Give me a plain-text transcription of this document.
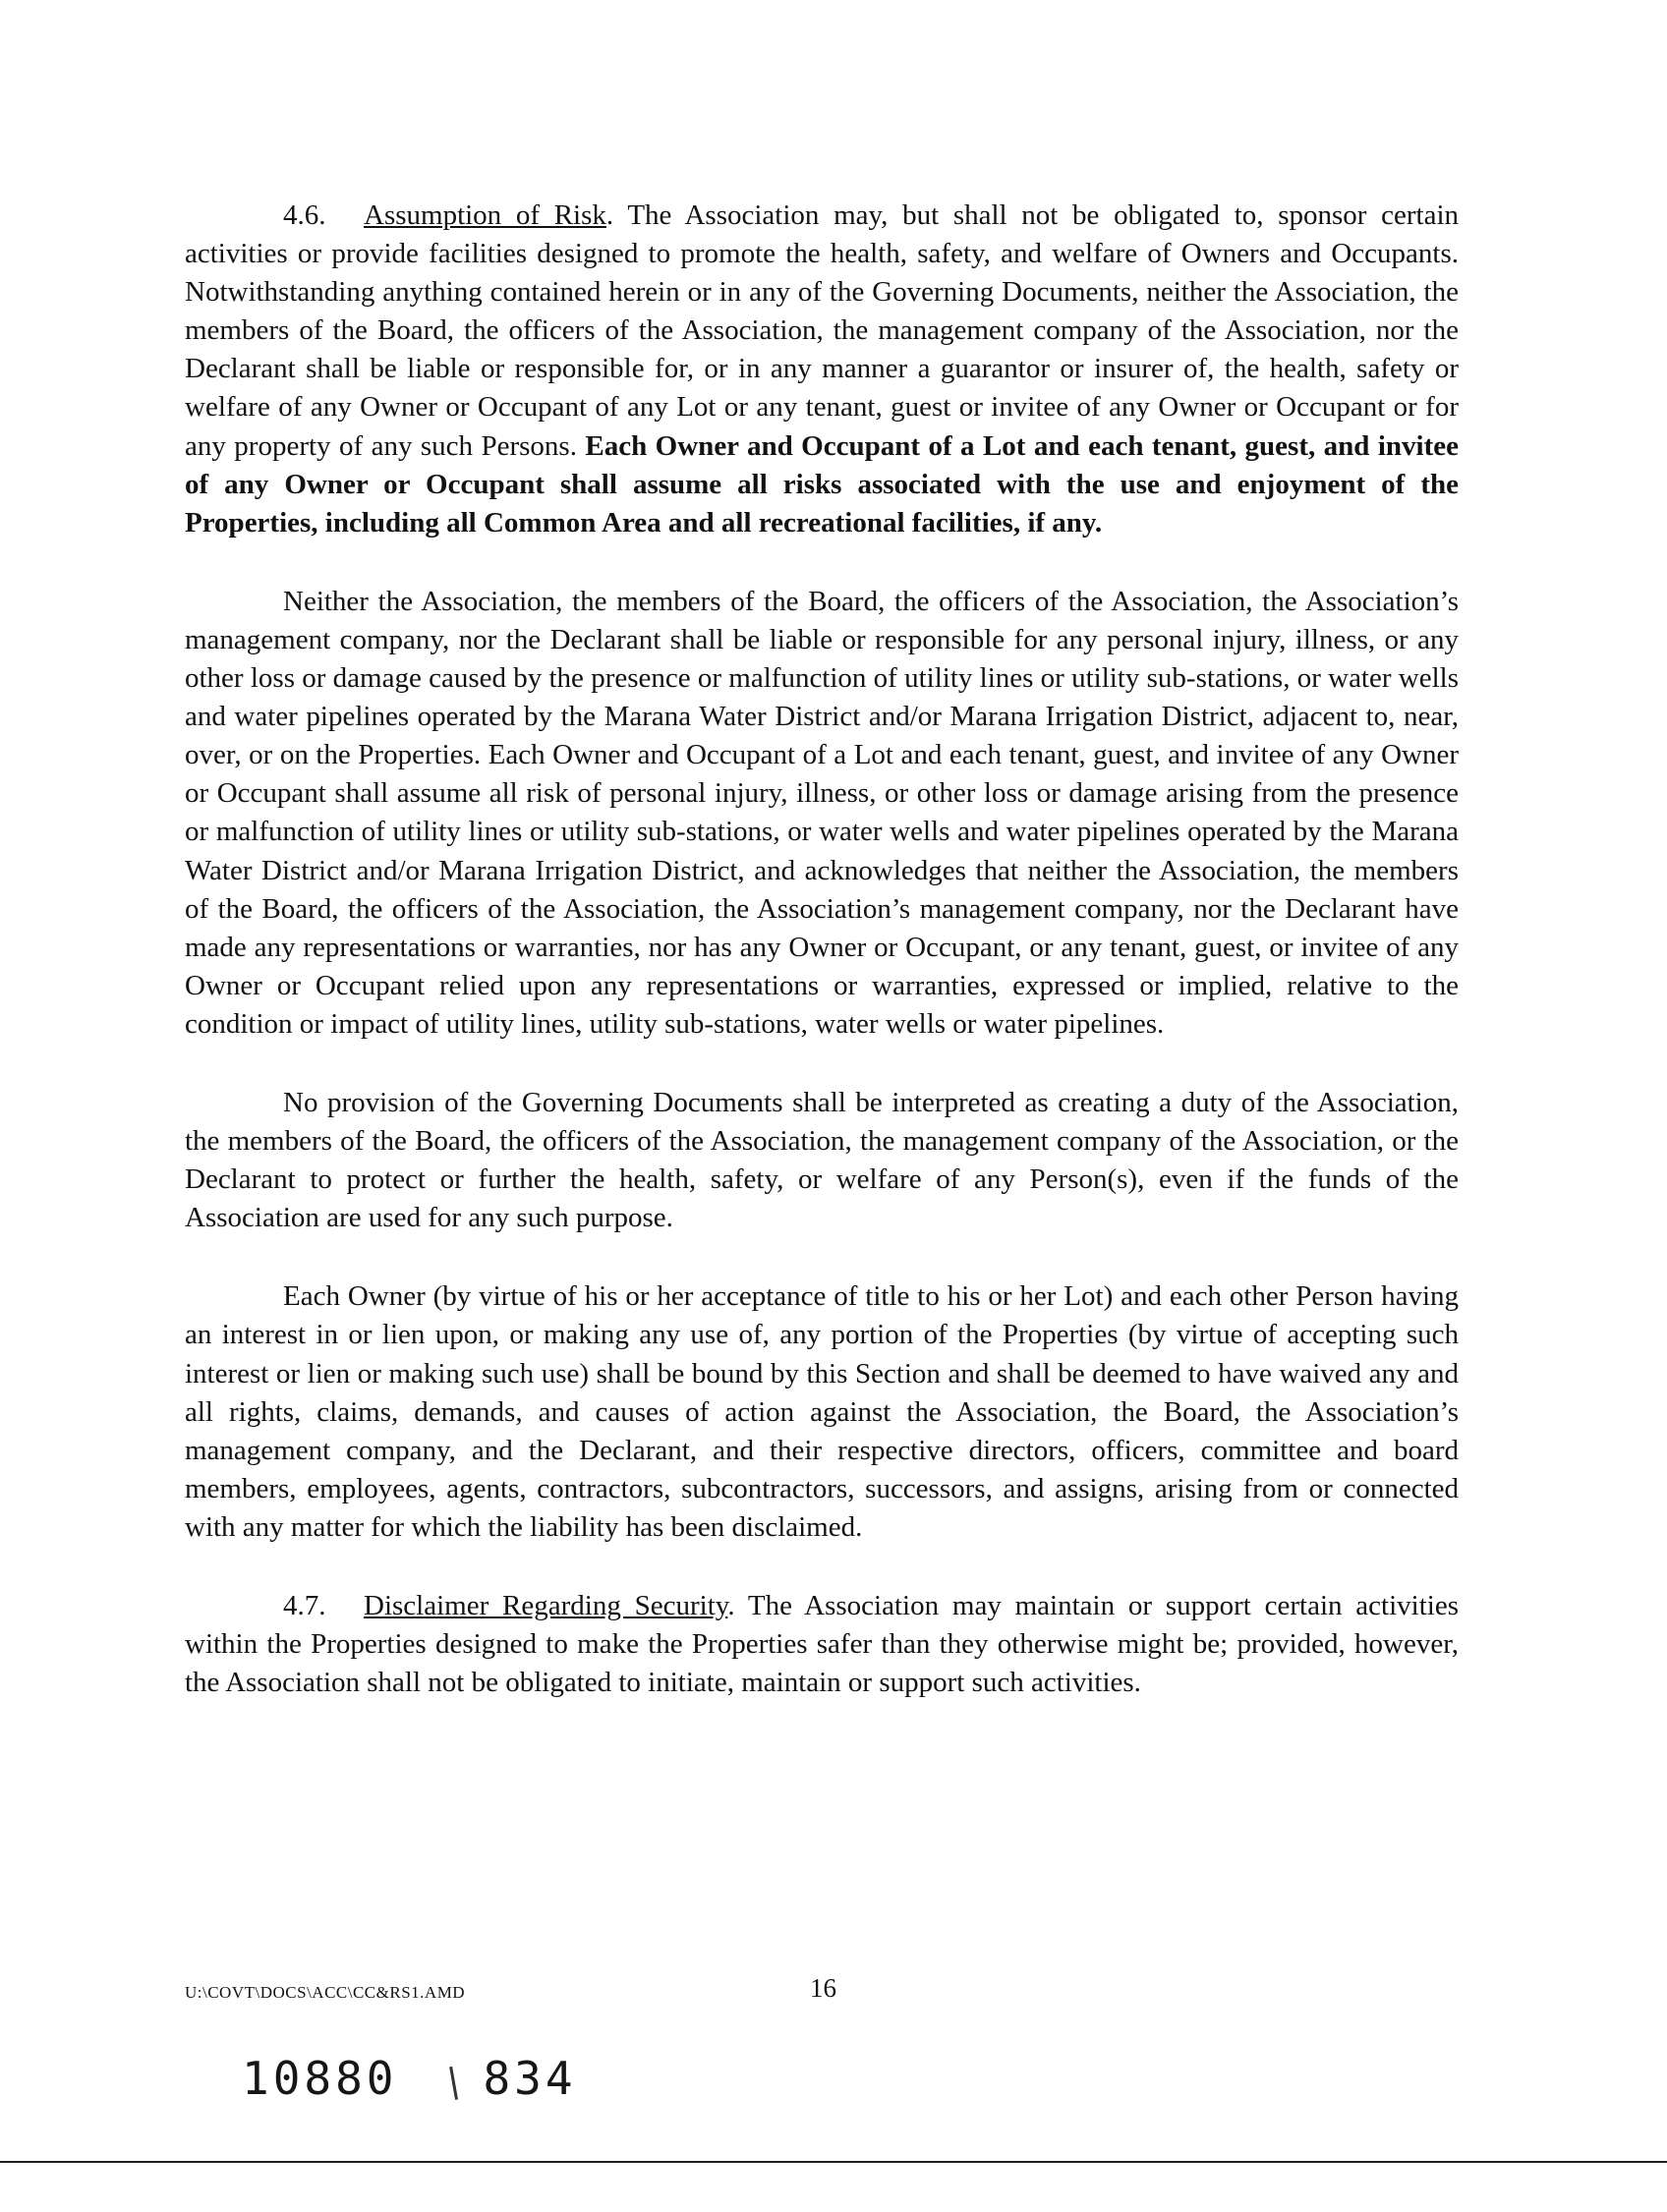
4.6. Assumption of Risk. The Association may, but shall not be obligated to, sponsor certain activities or provide facilities designed to promote the health, safety, and welfare of Owners and Occupants. Notwithstanding anything contained herein or in any of the Governing Documents, neither the Association, the members of the Board, the officers of the Association, the management company of the Association, nor the Declarant shall be liable or responsible for, or in any manner a guarantor or insurer of, the health, safety or welfare of any Owner or Occupant of any Lot or any tenant, guest or invitee of any Owner or Occupant or for any property of any such Persons. Each Owner and Occupant of a Lot and each tenant, guest, and invitee of any Owner or Occupant shall assume all risks associated with the use and enjoyment of the Properties, including all Common Area and all recreational facilities, if any.

Neither the Association, the members of the Board, the officers of the Association, the Association’s management company, nor the Declarant shall be liable or responsible for any personal injury, illness, or any other loss or damage caused by the presence or malfunction of utility lines or utility sub-stations, or water wells and water pipelines operated by the Marana Water District and/or Marana Irrigation District, adjacent to, near, over, or on the Properties. Each Owner and Occupant of a Lot and each tenant, guest, and invitee of any Owner or Occupant shall assume all risk of personal injury, illness, or other loss or damage arising from the presence or malfunction of utility lines or utility sub-stations, or water wells and water pipelines operated by the Marana Water District and/or Marana Irrigation District, and acknowledges that neither the Association, the members of the Board, the officers of the Association, the Association’s management company, nor the Declarant have made any representations or warranties, nor has any Owner or Occupant, or any tenant, guest, or invitee of any Owner or Occupant relied upon any representations or warranties, expressed or implied, relative to the condition or impact of utility lines, utility sub-stations, water wells or water pipelines.

No provision of the Governing Documents shall be interpreted as creating a duty of the Association, the members of the Board, the officers of the Association, the management company of the Association, or the Declarant to protect or further the health, safety, or welfare of any Person(s), even if the funds of the Association are used for any such purpose.

Each Owner (by virtue of his or her acceptance of title to his or her Lot) and each other Person having an interest in or lien upon, or making any use of, any portion of the Properties (by virtue of accepting such interest or lien or making such use) shall be bound by this Section and shall be deemed to have waived any and all rights, claims, demands, and causes of action against the Association, the Board, the Association’s management company, and the Declarant, and their respective directors, officers, committee and board members, employees, agents, contractors, subcontractors, successors, and assigns, arising from or connected with any matter for which the liability has been disclaimed.

4.7. Disclaimer Regarding Security. The Association may maintain or support certain activities within the Properties designed to make the Properties safer than they otherwise might be; provided, however, the Association shall not be obligated to initiate, maintain or support such activities.

U:\COVT\DOCS\ACC\CC&RS1.AMD	16
10880 834
